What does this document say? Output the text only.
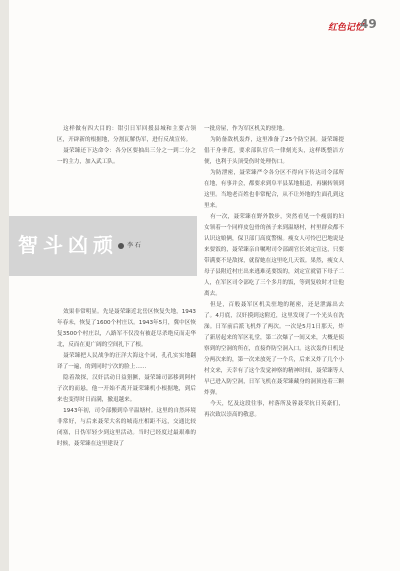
红色记忆
49

这样做有四大目的：钳引日军回援县城和主要占领区，开辟新的根据地，分割瓦解伪军，进行反战宣传。

聂荣臻还下达命令：各分区要抽出三分之一到二分之一的主力，加入武工队。

智斗凶顽	李 石

效果非常明显。先是聂荣臻近北岳区恢复失地，1943年春未，恢复了1600个村庄以。1943年5月，冀中区恢复3500个村庄以，八路军不仅没有被赶尽杀绝反而走华北，反而在更广阔的空间扎下了根。

聂荣臻把人民战争的汪洋大海这个词，孔孔实实地翻译了一遍，的到同时宁次的脸上……

隐着敌探，汉奸活动日益猖獗，聂荣臻司部移到阿村子次的而悬，他一开始不离开聂荣臻机小根据地，到后来也变得时日而满，撤退越来。

1943年初，司令部搬到阜平温塘村。这里的自然环境非常好，与后来聂荣大名的城南庄相距不远，交通比较闭塞，日伪军轻少到这里活动。当时已经度过最艰难的时候，聂荣臻在这里建设了

一批房屋，作为军区机关的驻地。

为防备敌机轰炸，这里准备了25个防空洞。聂荣臻提倡干身垂范，要求部队官兵一律刻光头，这样既整洁方便，也利于头顶受伤时处理伤口。

为防泄密，聂荣臻严令各分区不得向下传达司令部所在地，有事并会，都要求到阜平县某地报道，再辗转领到这里。当地老百姓也非常配合，从不让外地的生面孔到这里来。

有一次，聂荣臻在野外散步，突然看见一个瘦弱的妇女领着一个同样皮包骨的孩子来到温塘村，村里群众都不认识这娘俩，保卫部门高度警惕。瘦女人可怜巴巴地说是来要饭的，聂荣臻亲自嘱咐司令部副官长刘定宣这，只要带满要不是敌探，就留她在这里吃几天饭。果然，瘦女人母子县附近村庄出来逃难觅要饭的，刘定宣就留下母子二人，在军区司令部吃了三个多月的饭，等到复收时才让他离去。

但是，百般聂军区机关驻地的秘密，还是泄露出去了。4月底，汉奸摸到这附近，这里发现了一个光头在洗澡。日军前后派飞机炸了两次。一次是5月1日那天，炸了新居起来的军区礼堂，第二次爆了一间又来，大概是侦察到的空洞的所在，直接炸防空洞入口。这次轰炸日机是分两次来的，第一次来放死了一个兵，后来又炸了几个小村文来，天幸有了这个发觉神察的精神时间，聂荣臻等人早已进入防空洞，日军飞机在聂荣臻藏身的洞顶连着三颗炸弹。

今天，忆及这段往事，村落所及蓉聂荣抗日英豪们，再次致以崇高的敬意。
